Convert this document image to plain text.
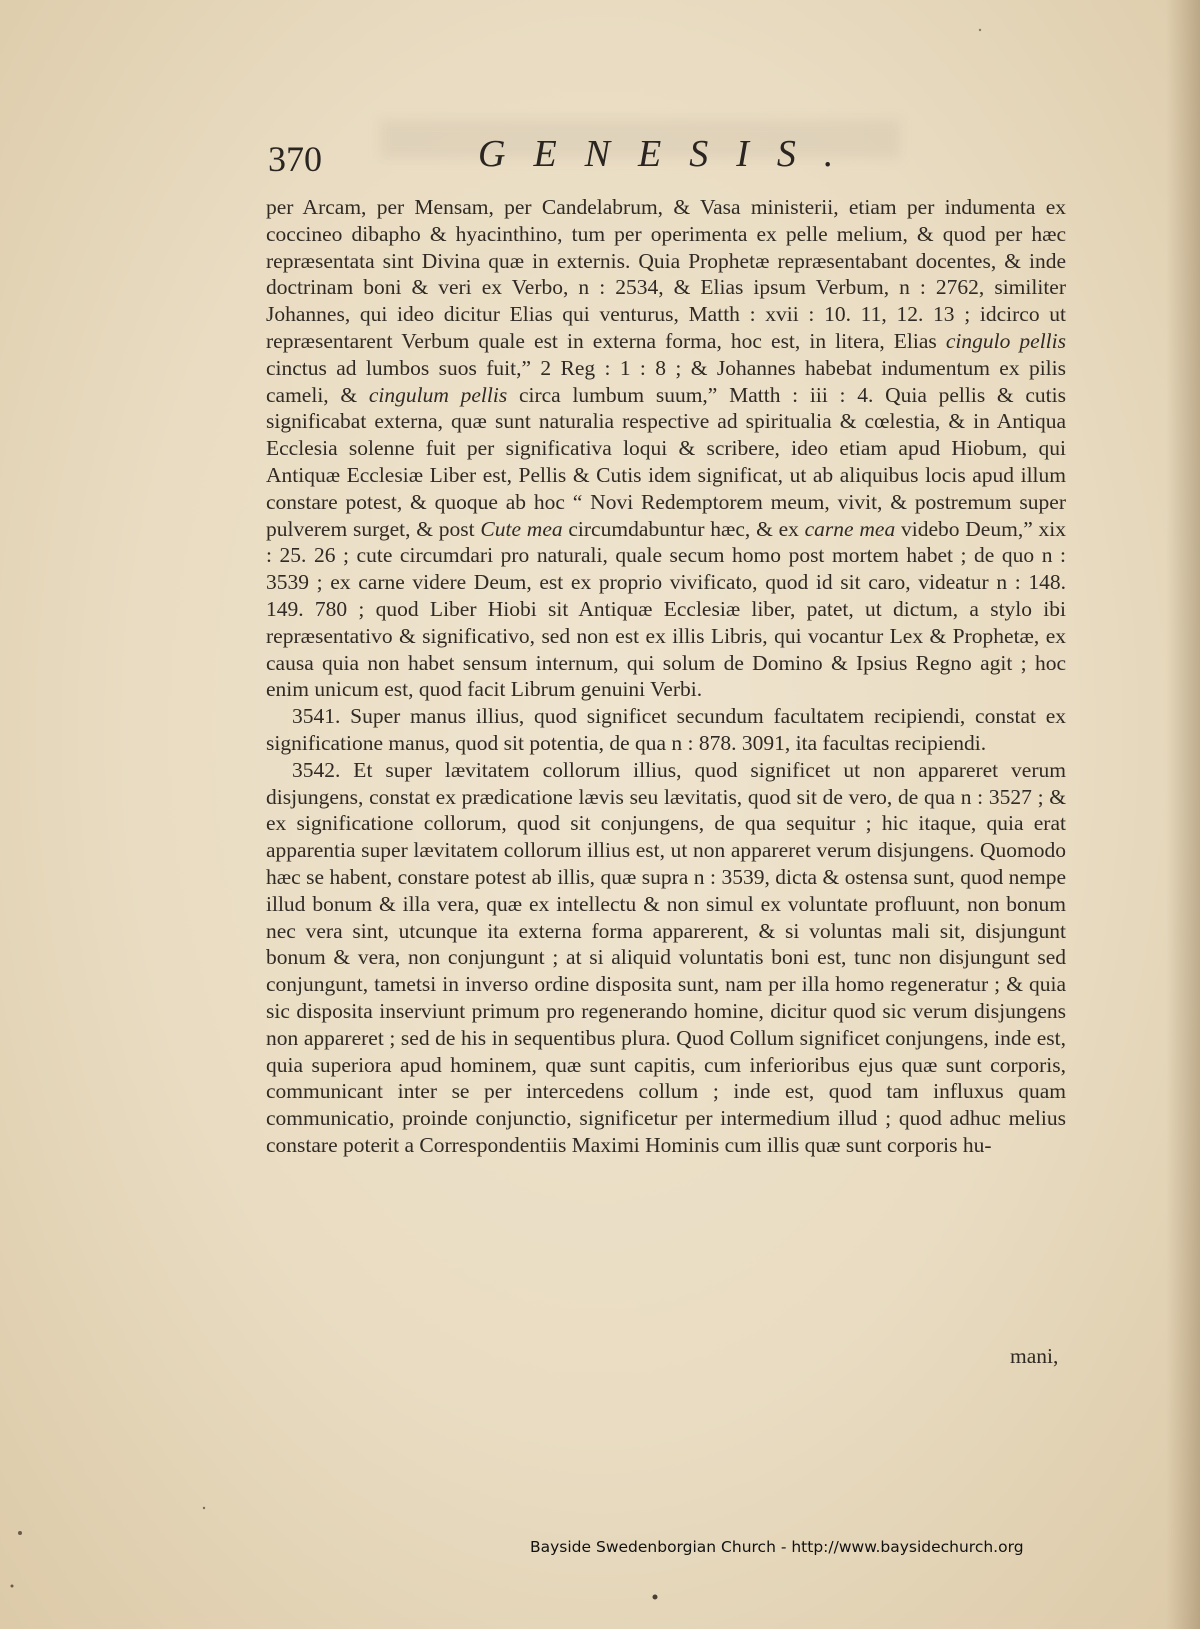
370	GENESIS.

per Arcam, per Mensam, per Candelabrum, & Vasa ministerii, etiam per indumenta ex coccineo dibapho & hyacinthino, tum per operimenta ex pelle melium, & quod per hæc repræsentata sint Divina quæ in externis. Quia Prophetæ repræsentabant docentes, & inde doctrinam boni & veri ex Verbo, n : 2534, & Elias ipsum Verbum, n : 2762, similiter Johannes, qui ideo dicitur Elias qui venturus, Matth : xvii : 10. 11, 12. 13 ; idcirco ut repræsentarent Verbum quale est in externa forma, hoc est, in litera, Elias cingulo pellis cinctus ad lumbos suos fuit,” 2 Reg : 1 : 8 ; & Johannes habebat indumentum ex pilis cameli, & cingulum pellis circa lumbum suum,” Matth : iii : 4. Quia pellis & cutis significabat externa, quæ sunt naturalia respective ad spiritualia & cœlestia, & in Antiqua Ecclesia solenne fuit per significativa loqui & scribere, ideo etiam apud Hiobum, qui Antiquæ Ecclesiæ Liber est, Pellis & Cutis idem significat, ut ab aliquibus locis apud illum constare potest, & quoque ab hoc “ Novi Redemptorem meum, vivit, & postremum super pulverem surget, & post Cute mea circumdabuntur hæc, & ex carne mea videbo Deum,” xix : 25. 26 ; cute circumdari pro naturali, quale secum homo post mortem habet ; de quo n : 3539 ; ex carne videre Deum, est ex proprio vivificato, quod id sit caro, videatur n : 148. 149. 780 ; quod Liber Hiobi sit Antiquæ Ecclesiæ liber, patet, ut dictum, a stylo ibi repræsentativo & significativo, sed non est ex illis Libris, qui vocantur Lex & Prophetæ, ex causa quia non habet sensum internum, qui solum de Domino & Ipsius Regno agit ; hoc enim unicum est, quod facit Librum genuini Verbi.

3541. Super manus illius, quod significet secundum facultatem recipiendi, constat ex significatione manus, quod sit potentia, de qua n : 878. 3091, ita facultas recipiendi.

3542. Et super lævitatem collorum illius, quod significet ut non appareret verum disjungens, constat ex prædicatione lævis seu lævitatis, quod sit de vero, de qua n : 3527 ; & ex significatione collorum, quod sit conjungens, de qua sequitur ; hic itaque, quia erat apparentia super lævitatem collorum illius est, ut non appareret verum disjungens. Quomodo hæc se habent, constare potest ab illis, quæ supra n : 3539, dicta & ostensa sunt, quod nempe illud bonum & illa vera, quæ ex intellectu & non simul ex voluntate profluunt, non bonum nec vera sint, utcunque ita externa forma apparerent, & si voluntas mali sit, disjungunt bonum & vera, non conjungunt ; at si aliquid voluntatis boni est, tunc non disjungunt sed conjungunt, tametsi in inverso ordine disposita sunt, nam per illa homo regeneratur ; & quia sic disposita inserviunt primum pro regenerando homine, dicitur quod sic verum disjungens non appareret ; sed de his in sequentibus plura. Quod Collum significet conjungens, inde est, quia superiora apud hominem, quæ sunt capitis, cum inferioribus ejus quæ sunt corporis, communicant inter se per intercedens collum ; inde est, quod tam influxus quam communicatio, proinde conjunctio, significetur per intermedium illud ; quod adhuc melius constare poterit a Correspondentiis Maximi Hominis cum illis quæ sunt corporis hu-

mani,
Bayside Swedenborgian Church - http://www.baysidechurch.org
